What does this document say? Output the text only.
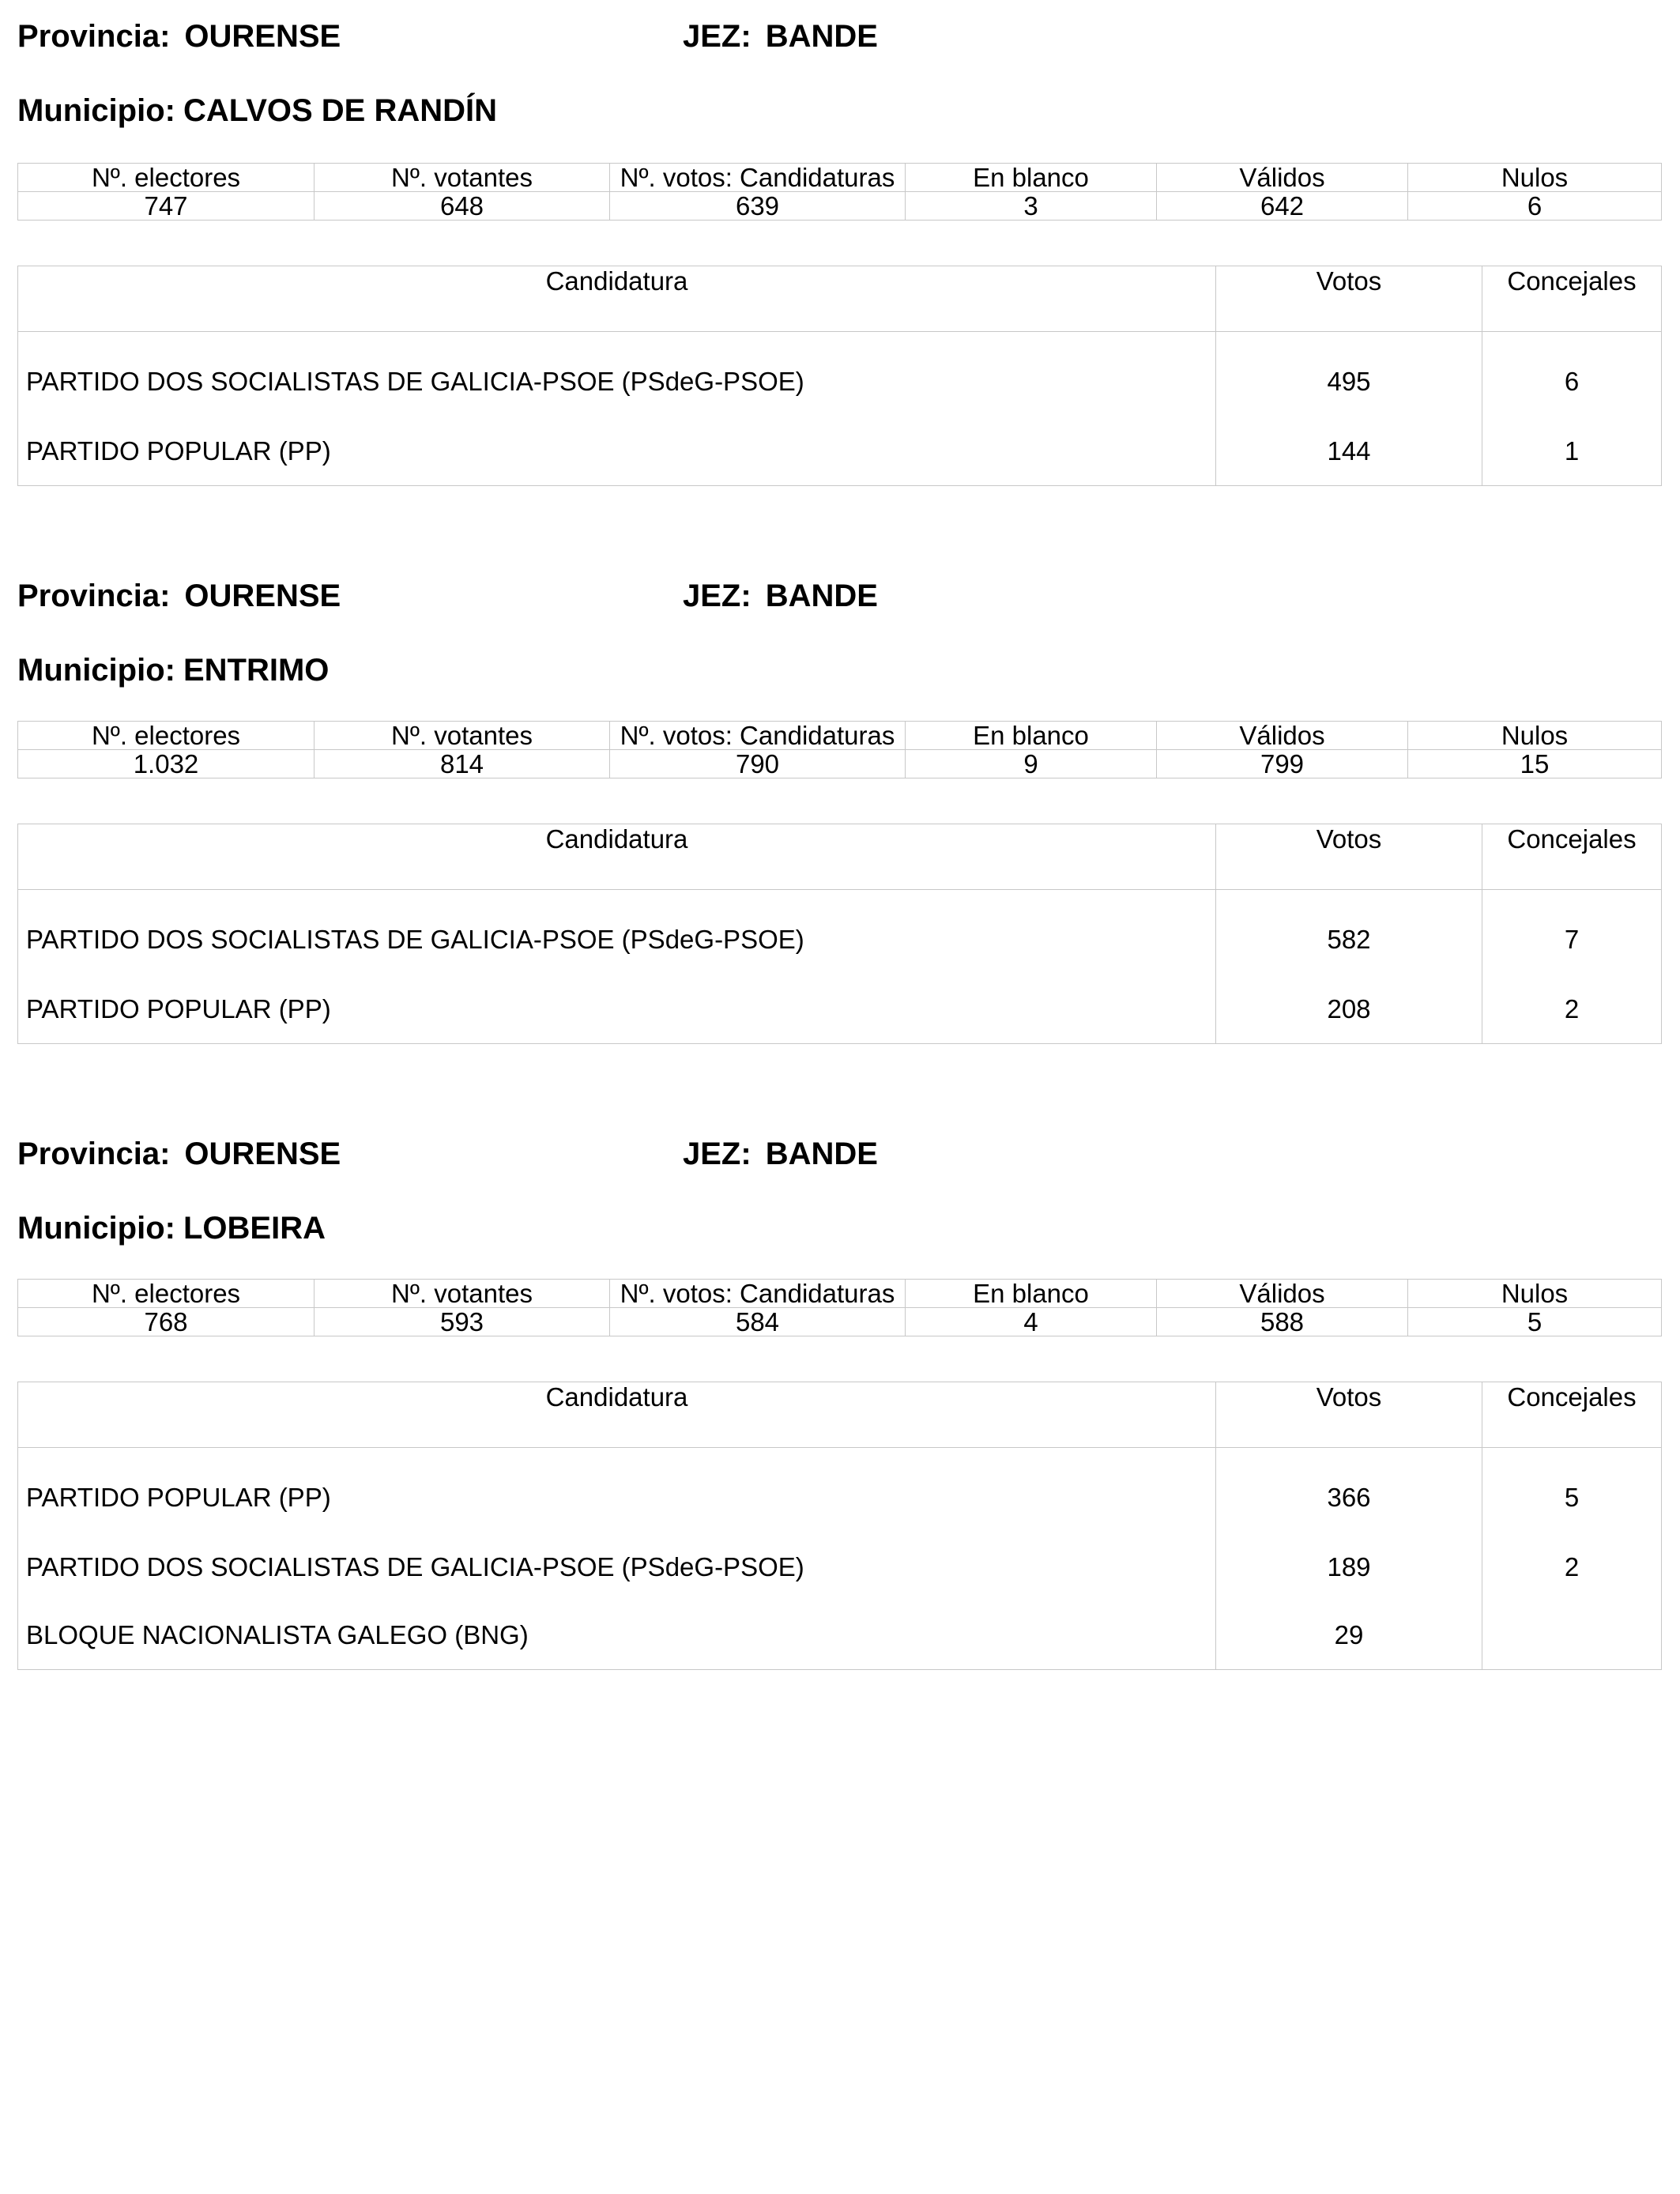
Provincia: OURENSE	JEZ: BANDE
Municipio: CALVOS DE RANDÍN
Nº. electores	Nº. votantes	Nº. votos: Candidaturas	En blanco	Válidos	Nulos
747	648	639	3	642	6
Candidatura	Votos	Concejales
PARTIDO DOS SOCIALISTAS DE GALICIA-PSOE (PSdeG-PSOE)	495	6
PARTIDO POPULAR (PP)	144	1
Provincia: OURENSE	JEZ: BANDE
Municipio: ENTRIMO
Nº. electores	Nº. votantes	Nº. votos: Candidaturas	En blanco	Válidos	Nulos
1.032	814	790	9	799	15
Candidatura	Votos	Concejales
PARTIDO DOS SOCIALISTAS DE GALICIA-PSOE (PSdeG-PSOE)	582	7
PARTIDO POPULAR (PP)	208	2
Provincia: OURENSE	JEZ: BANDE
Municipio: LOBEIRA
Nº. electores	Nº. votantes	Nº. votos: Candidaturas	En blanco	Válidos	Nulos
768	593	584	4	588	5
Candidatura	Votos	Concejales
PARTIDO POPULAR (PP)	366	5
PARTIDO DOS SOCIALISTAS DE GALICIA-PSOE (PSdeG-PSOE)	189	2
BLOQUE NACIONALISTA GALEGO (BNG)	29	
